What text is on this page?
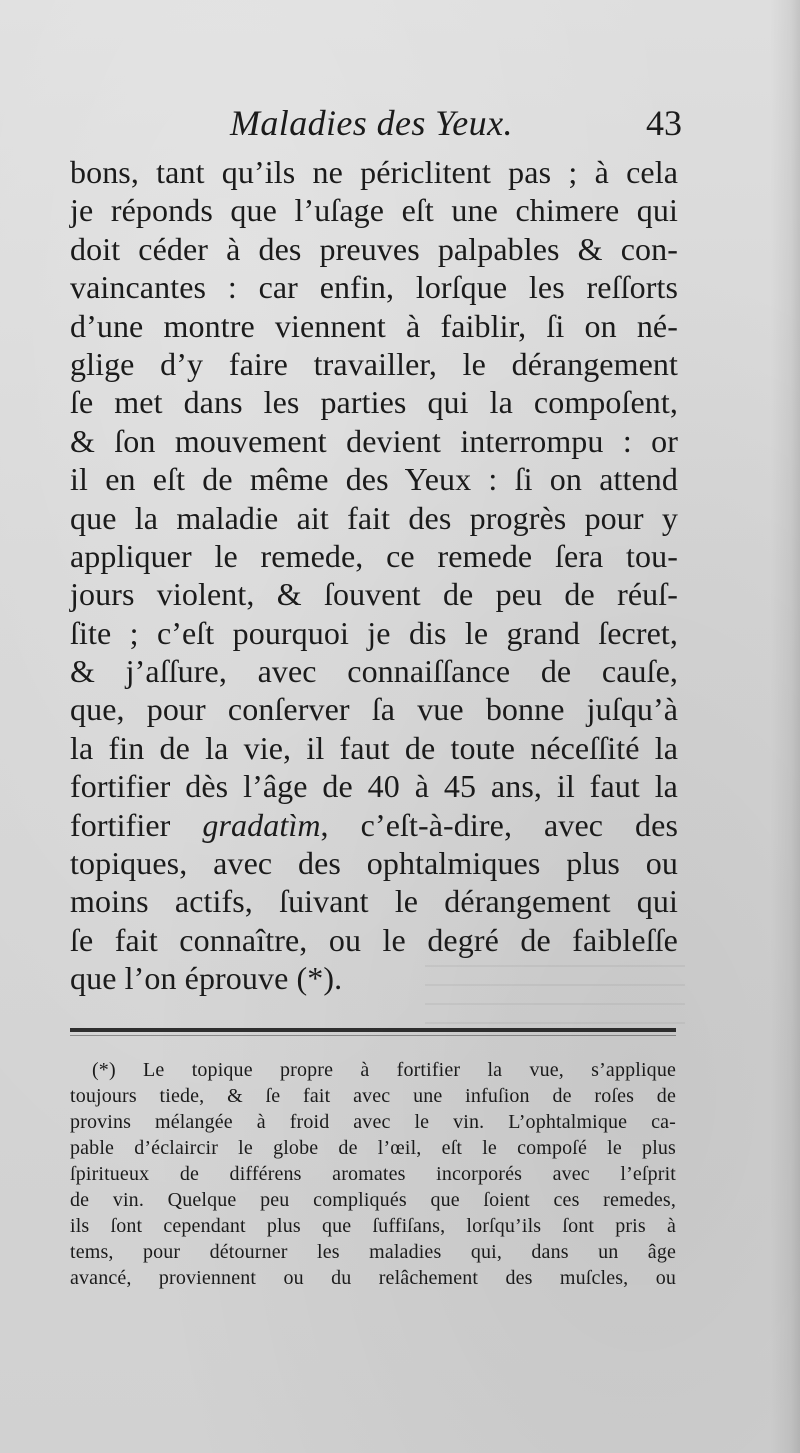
Maladies des Yeux.	43
bons, tant qu’ils ne périclitent pas ; à cela
je réponds que l’uſage eſt une chimere qui
doit céder à des preuves palpables & con-
vaincantes : car enfin, lorſque les reſſorts
d’une montre viennent à faiblir, ſi on né-
glige d’y faire travailler, le dérangement
ſe met dans les parties qui la compoſent,
& ſon mouvement devient interrompu : or
il en eſt de même des Yeux : ſi on attend
que la maladie ait fait des progrès pour y
appliquer le remede, ce remede ſera tou-
jours violent, & ſouvent de peu de réuſ-
ſite ; c’eſt pourquoi je dis le grand ſecret,
& j’aſſure, avec connaiſſance de cauſe,
que, pour conſerver ſa vue bonne juſqu’à
la fin de la vie, il faut de toute néceſſité la
fortifier dès l’âge de 40 à 45 ans, il faut la
fortifier gradatìm, c’eſt-à-dire, avec des
topiques, avec des ophtalmiques plus ou
moins actifs, ſuivant le dérangement qui
ſe fait connaître, ou le degré de faibleſſe
que l’on éprouve (*).
(*) Le topique propre à fortifier la vue, s’applique
toujours tiede, & ſe fait avec une infuſion de roſes de
provins mélangée à froid avec le vin. L’ophtalmique ca-
pable d’éclaircir le globe de l’œil, eſt le compoſé le plus
ſpiritueux de différens aromates incorporés avec l’eſprit
de vin. Quelque peu compliqués que ſoient ces remedes,
ils ſont cependant plus que ſuffiſans, lorſqu’ils ſont pris à
tems, pour détourner les maladies qui, dans un âge
avancé, proviennent ou du relâchement des muſcles, ou
